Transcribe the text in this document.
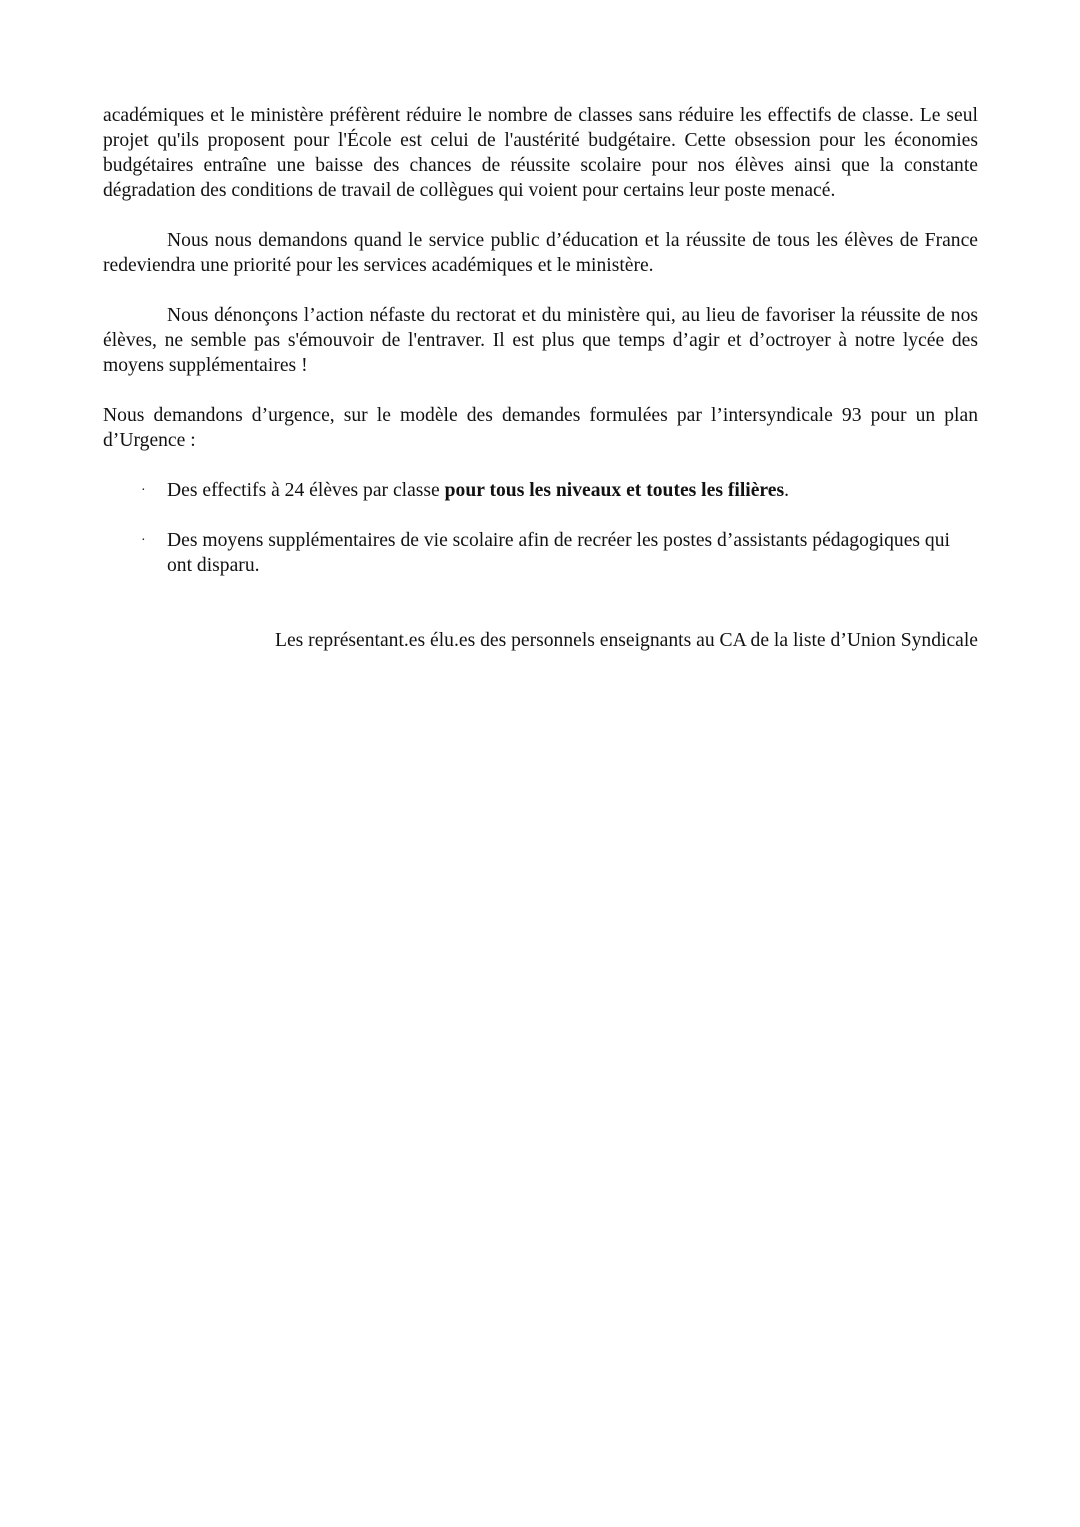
académiques et le ministère préfèrent réduire le nombre de classes sans réduire les effectifs de classe. Le seul projet qu'ils proposent pour l'École est celui de l'austérité budgétaire. Cette obsession pour les économies budgétaires entraîne une baisse des chances de réussite scolaire pour nos élèves ainsi que la constante dégradation des conditions de travail de collègues qui voient pour certains leur poste menacé.

Nous nous demandons quand le service public d’éducation et la réussite de tous les élèves de France redeviendra une priorité pour les services académiques et le ministère.

Nous dénonçons l’action néfaste du rectorat et du ministère qui, au lieu de favoriser la réussite de nos élèves, ne semble pas s'émouvoir de l'entraver. Il est plus que temps d’agir et d’octroyer à notre lycée des moyens supplémentaires !

Nous demandons d’urgence, sur le modèle des demandes formulées par l’intersyndicale 93 pour un plan d’Urgence :

· Des effectifs à 24 élèves par classe pour tous les niveaux et toutes les filières.
· Des moyens supplémentaires de vie scolaire afin de recréer les postes d’assistants pédagogiques qui ont disparu.

Les représentant.es élu.es des personnels enseignants au CA de la liste d’Union Syndicale
